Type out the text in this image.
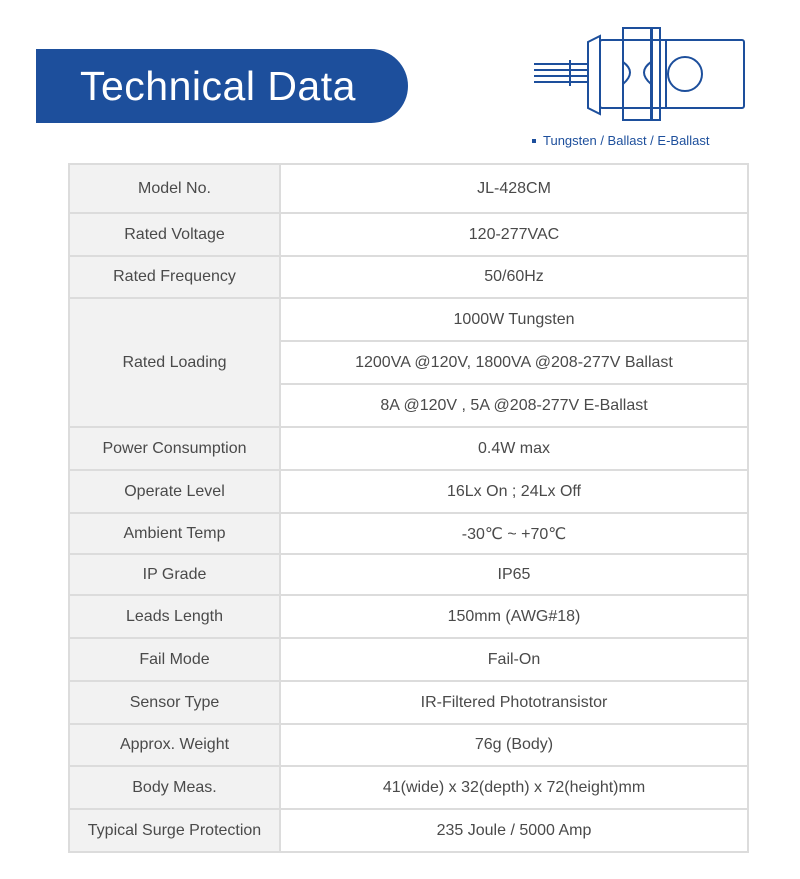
Technical Data
Tungsten / Ballast / E-Ballast
Model No.	JL-428CM
Rated Voltage	120-277VAC
Rated Frequency	50/60Hz
Rated Loading	1000W Tungsten
	1200VA @120V, 1800VA @208-277V Ballast
	8A @120V , 5A @208-277V E-Ballast
Power Consumption	0.4W max
Operate Level	16Lx On ; 24Lx Off
Ambient Temp	-30℃ ~ +70℃
IP Grade	IP65
Leads Length	150mm (AWG#18)
Fail Mode	Fail-On
Sensor Type	IR-Filtered Phototransistor
Approx. Weight	76g (Body)
Body Meas.	41(wide) x 32(depth) x 72(height)mm
Typical Surge Protection	235 Joule / 5000 Amp
